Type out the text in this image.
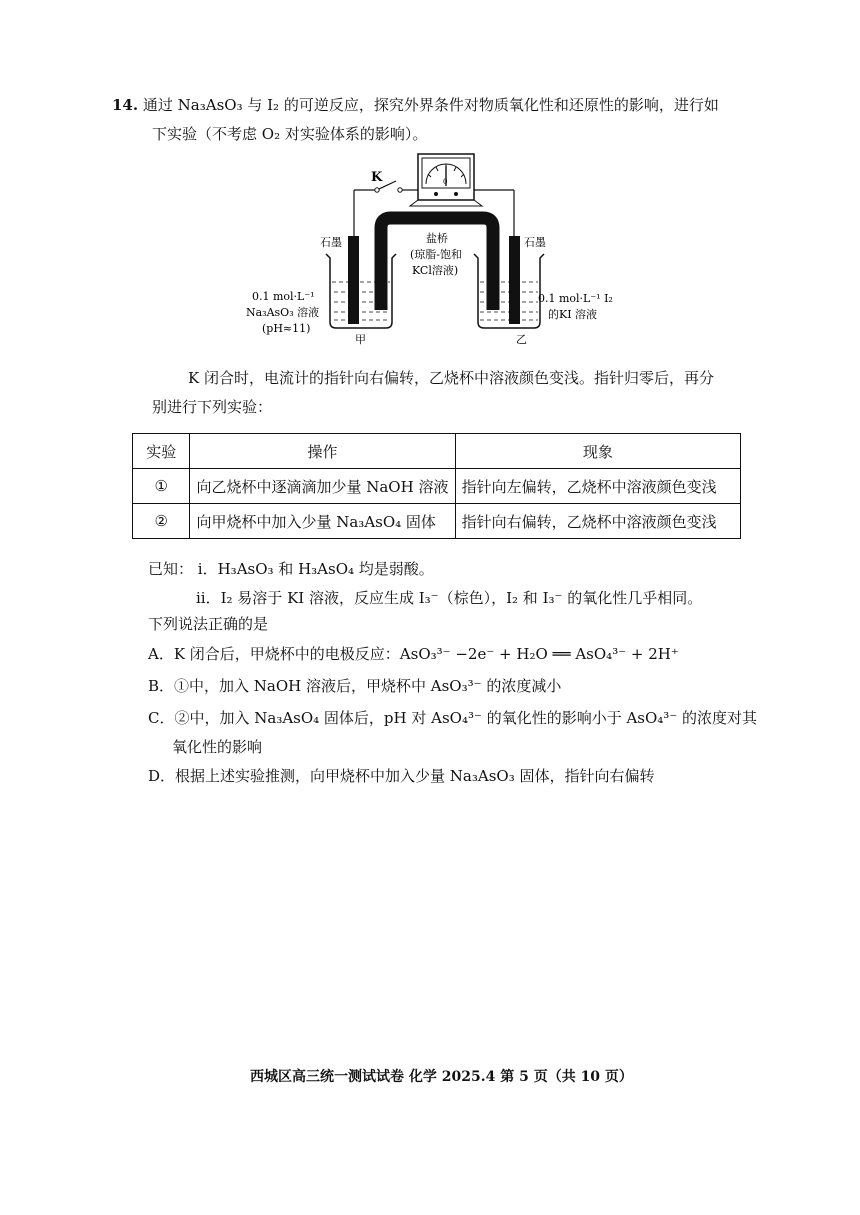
14. 通过 Na₃AsO₃ 与 I₂ 的可逆反应，探究外界条件对物质氧化性和还原性的影响，进行如
下实验（不考虑 O₂ 对实验体系的影响）。
K	0
石墨	石墨
盐桥
(琼脂-饱和
KCl溶液)
0.1 mol·L⁻¹
Na₃AsO₃ 溶液
(pH≈11)
0.1 mol·L⁻¹ I₂
的KI 溶液
甲	乙
K 闭合时，电流计的指针向右偏转，乙烧杯中溶液颜色变浅。指针归零后，再分
别进行下列实验：
实验	操作	现象
①	向乙烧杯中逐滴滴加少量 NaOH 溶液	指针向左偏转，乙烧杯中溶液颜色变浅
②	向甲烧杯中加入少量 Na₃AsO₄ 固体	指针向右偏转，乙烧杯中溶液颜色变浅
已知： i．H₃AsO₃ 和 H₃AsO₄ 均是弱酸。
ii．I₂ 易溶于 KI 溶液，反应生成 I₃⁻（棕色），I₂ 和 I₃⁻ 的氧化性几乎相同。
下列说法正确的是
A．K 闭合后，甲烧杯中的电极反应：AsO₃³⁻ −2e⁻ + H₂O ══ AsO₄³⁻ + 2H⁺
B．①中，加入 NaOH 溶液后，甲烧杯中 AsO₃³⁻ 的浓度减小
C．②中，加入 Na₃AsO₄ 固体后，pH 对 AsO₄³⁻ 的氧化性的影响小于 AsO₄³⁻ 的浓度对其
氧化性的影响
D．根据上述实验推测，向甲烧杯中加入少量 Na₃AsO₃ 固体，指针向右偏转
西城区高三统一测试试卷 化学 2025.4 第 5 页（共 10 页）
